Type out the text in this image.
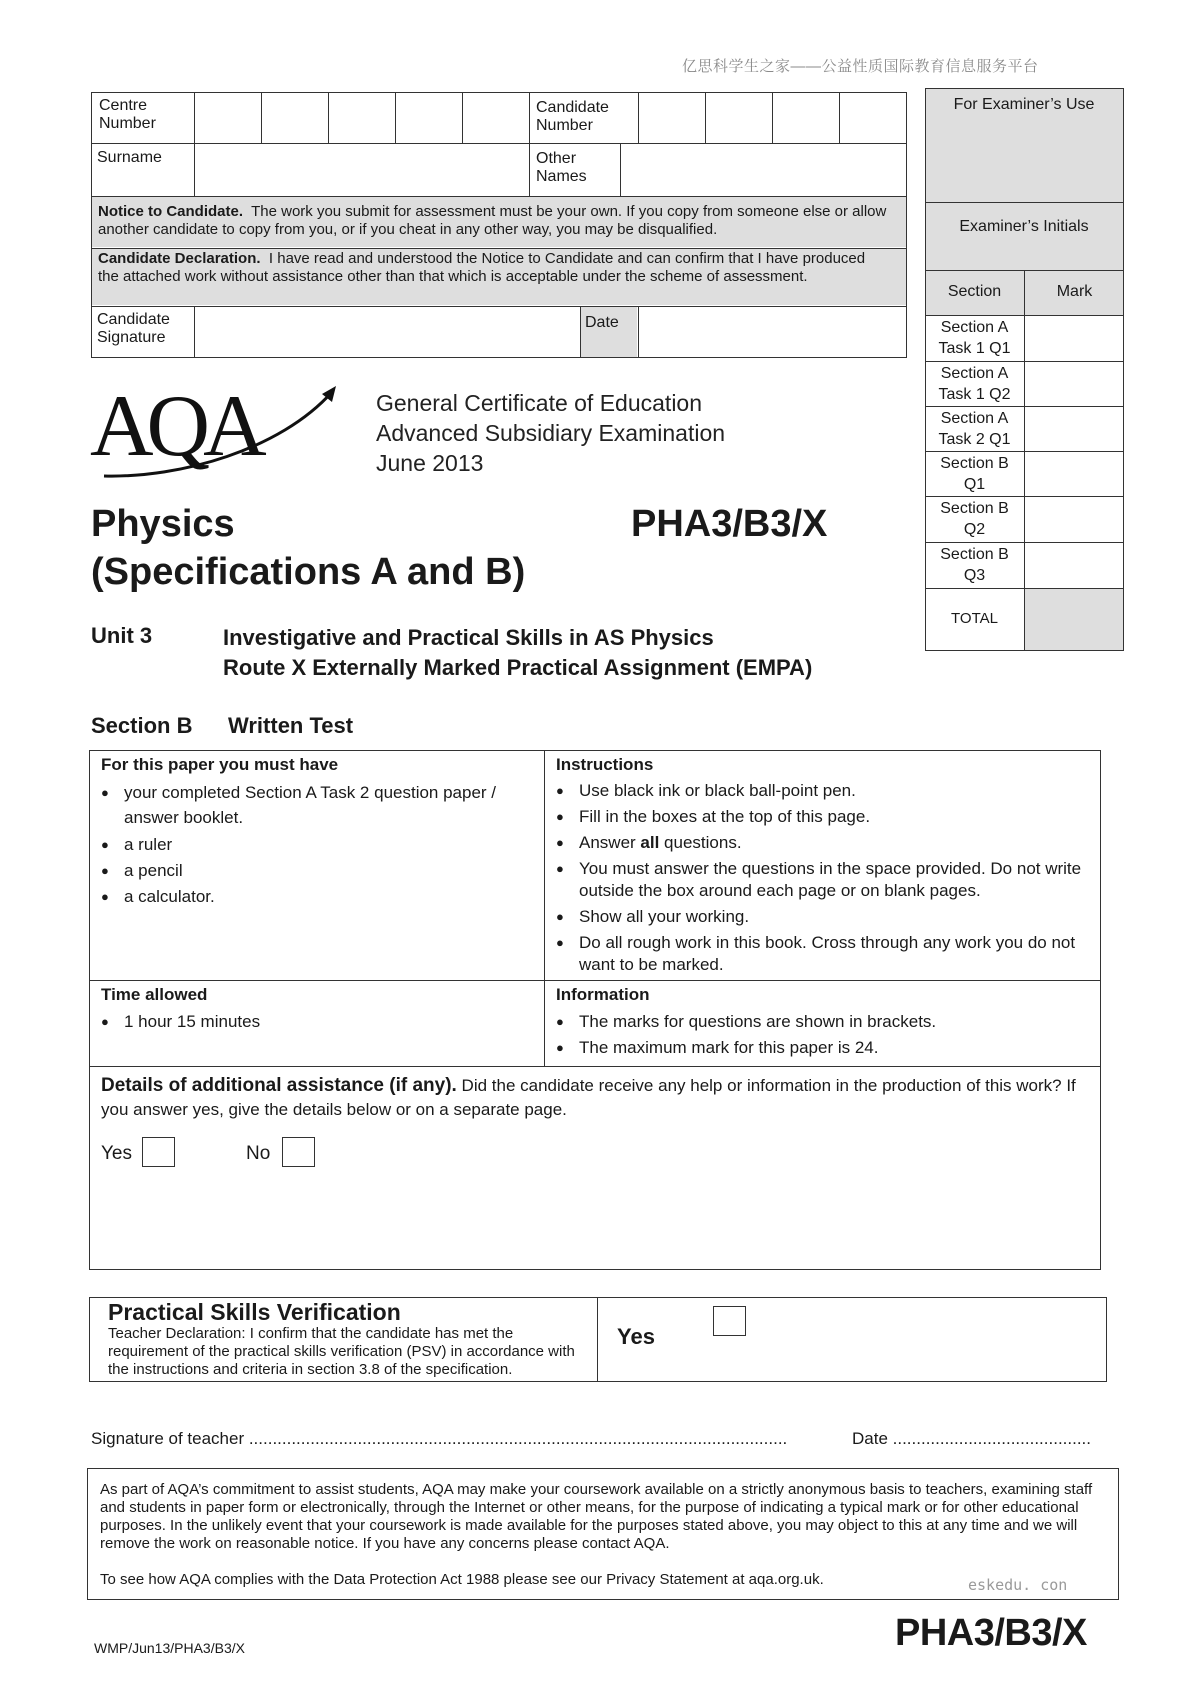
亿思科学生之家——公益性质国际教育信息服务平台
Centre
Number
Candidate
Number
Surname	Other
Names
Notice to Candidate. The work you submit for assessment must be your own. If you copy from someone else or allow another candidate to copy from you, or if you cheat in any other way, you may be disqualified.
Candidate Declaration. I have read and understood the Notice to Candidate and can confirm that I have produced the attached work without assistance other than that which is acceptable under the scheme of assessment.
Candidate
Signature
Date
For Examiner’s Use
Examiner’s Initials
Section	Mark
Section A
Task 1 Q1
Section A
Task 1 Q2
Section A
Task 2 Q1
Section B
Q1
Section B
Q2
Section B
Q3
TOTAL
AQA	General Certificate of Education
Advanced Subsidiary Examination
June 2013
Physics
(Specifications A and B)
PHA3/B3/X
Unit 3	Investigative and Practical Skills in AS Physics
Route X Externally Marked Practical Assignment (EMPA)
Section B Written Test
For this paper you must have
● your completed Section A Task 2 question paper / answer booklet.
● a ruler
● a pencil
● a calculator.
Instructions
● Use black ink or black ball-point pen.
● Fill in the boxes at the top of this page.
● Answer all questions.
● You must answer the questions in the space provided. Do not write outside the box around each page or on blank pages.
● Show all your working.
● Do all rough work in this book. Cross through any work you do not want to be marked.
Time allowed
● 1 hour 15 minutes
Information
● The marks for questions are shown in brackets.
● The maximum mark for this paper is 24.
Details of additional assistance (if any). Did the candidate receive any help or information in the production of this work? If you answer yes, give the details below or on a separate page.
Yes	No
Practical Skills Verification
Teacher Declaration: I confirm that the candidate has met the requirement of the practical skills verification (PSV) in accordance with the instructions and criteria in section 3.8 of the specification.
Yes
Signature of teacher ..................................................................................................................	Date ..........................................
As part of AQA’s commitment to assist students, AQA may make your coursework available on a strictly anonymous basis to teachers, examining staff and students in paper form or electronically, through the Internet or other means, for the purpose of indicating a typical mark or for other educational purposes. In the unlikely event that your coursework is made available for the purposes stated above, you may object to this at any time and we will remove the work on reasonable notice. If you have any concerns please contact AQA.
To see how AQA complies with the Data Protection Act 1988 please see our Privacy Statement at aqa.org.uk.	eskedu. con
WMP/Jun13/PHA3/B3/X	PHA3/B3/X
